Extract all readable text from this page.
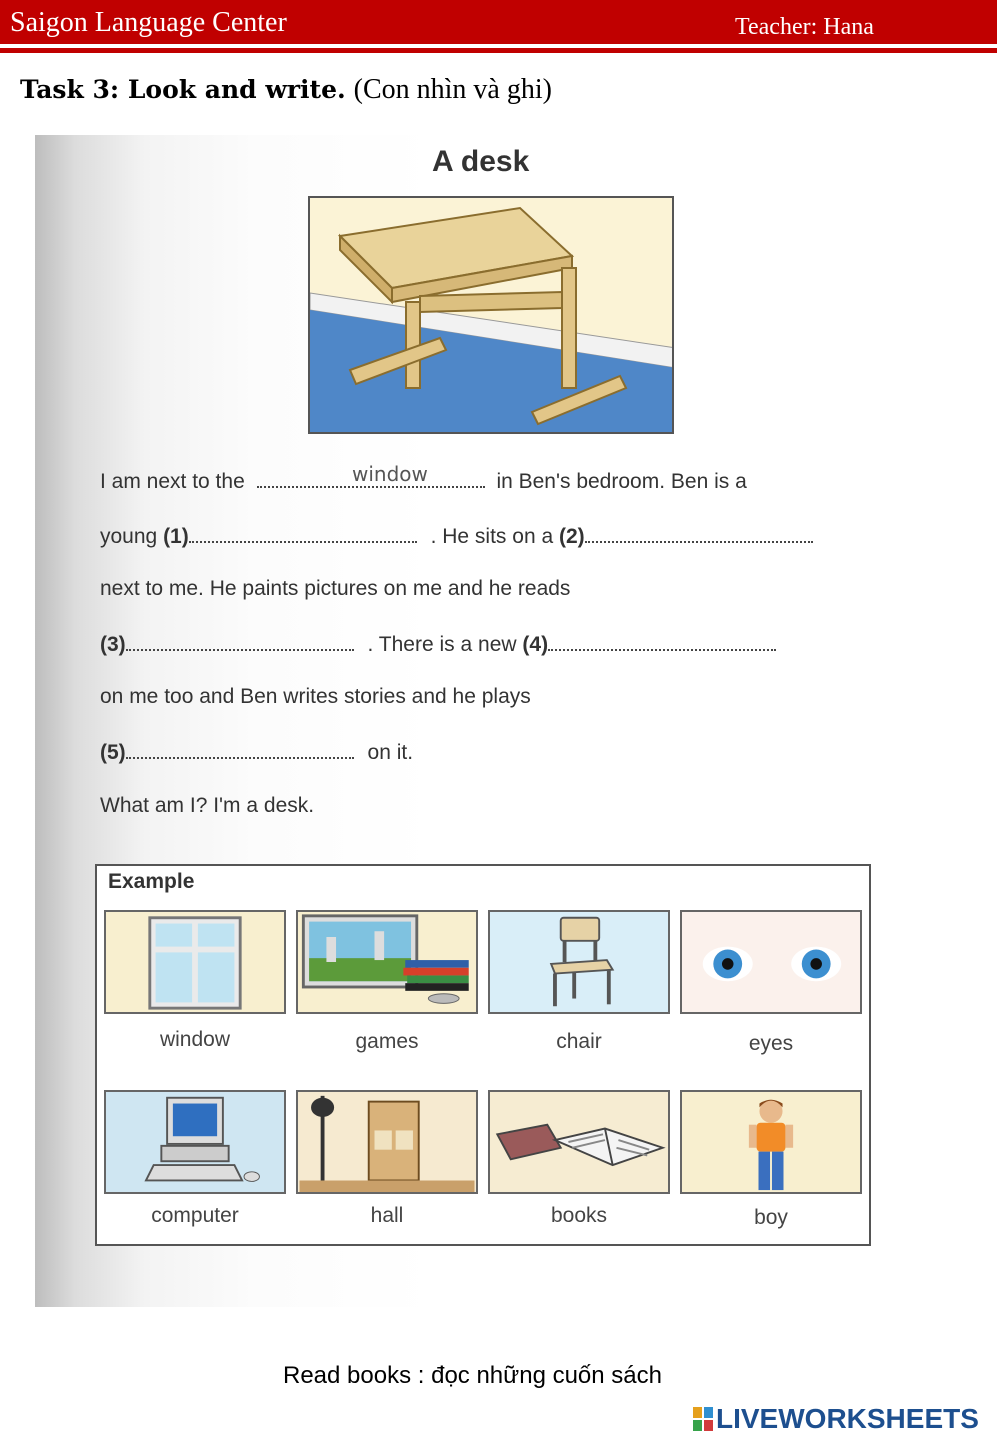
Saigon Language Center	Teacher: Hana
Task 3: Look and write. (Con nhìn và ghi)
A desk
I am next to the	in Ben's bedroom. Ben is a
window
young (1)	. He sits on a (2)
next to me. He paints pictures on me and he reads
(3)	. There is a new (4)
on me too and Ben writes stories and he plays
(5)	on it.
What am I? I'm a desk.
Example
window	games	chair	eyes
computer	hall	books	boy
Read books : đọc những cuốn sách
LIVEWORKSHEETS
